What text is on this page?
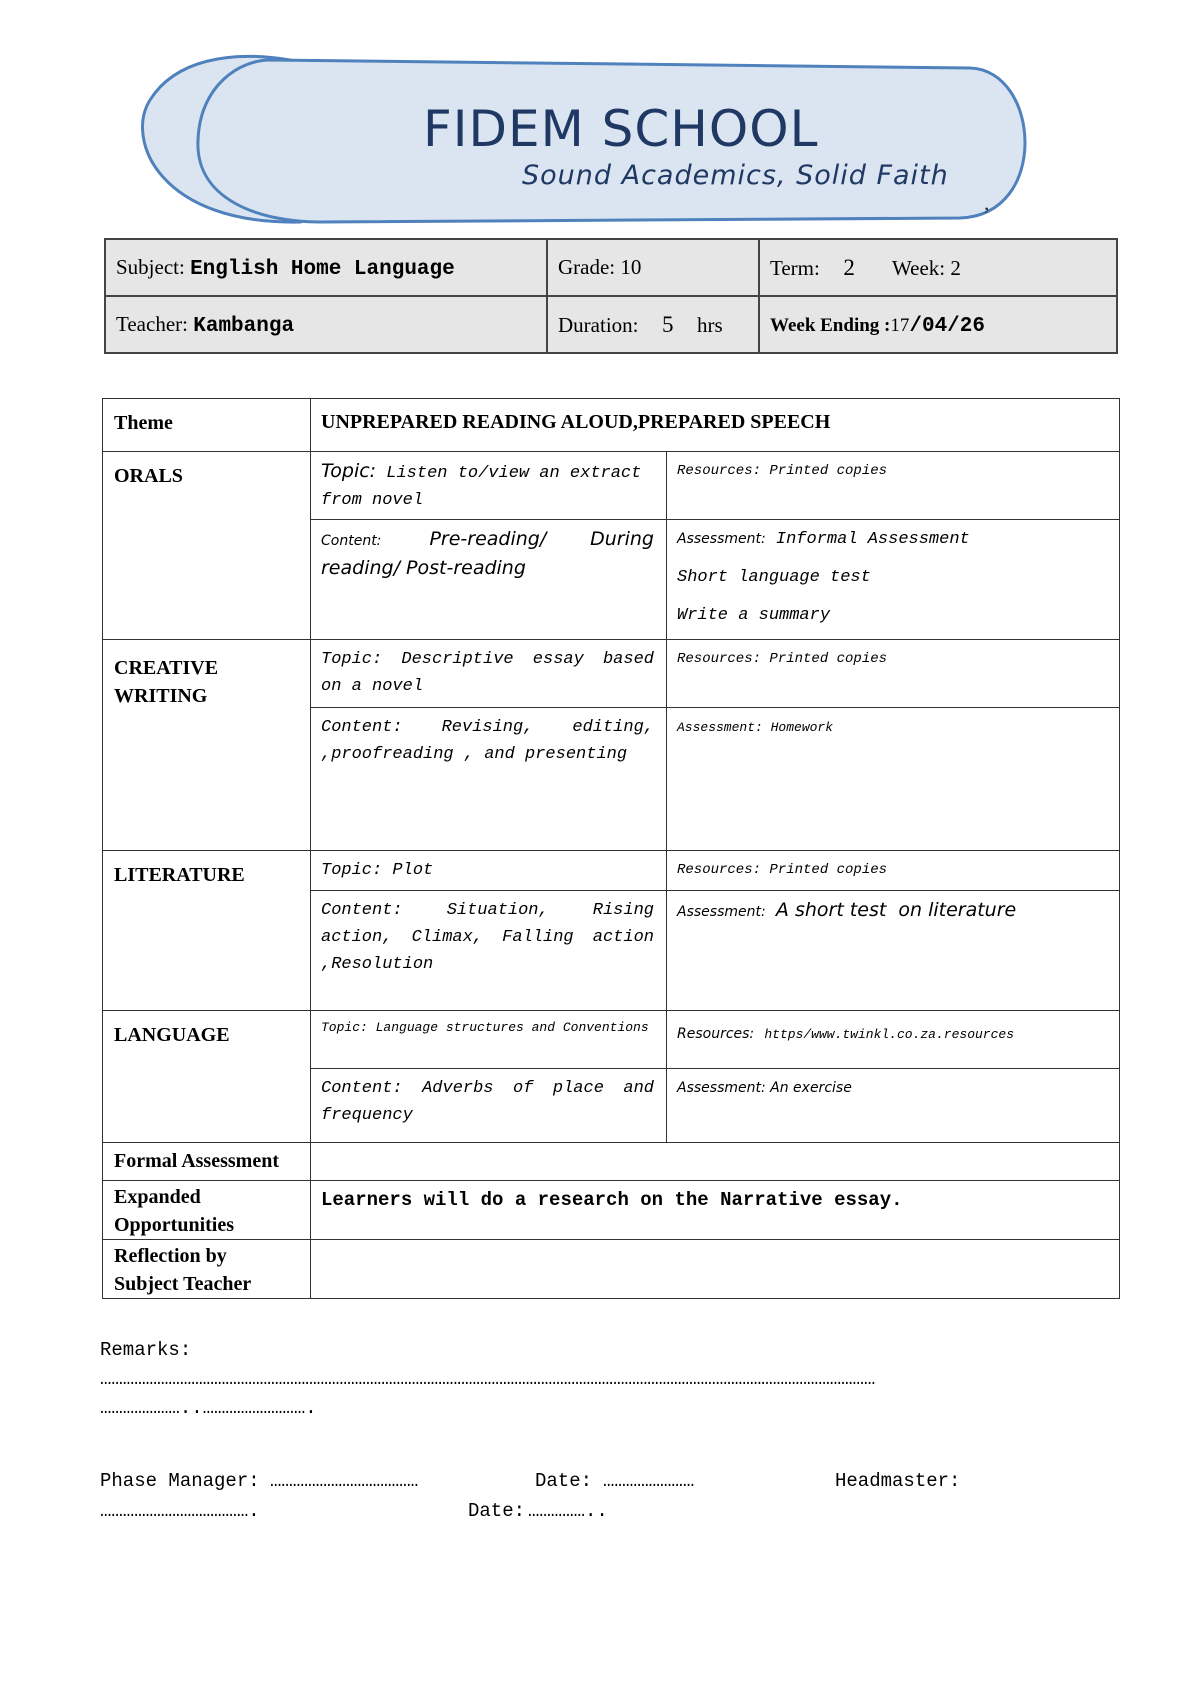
FIDEM SCHOOL
Sound Academics, Solid Faith
,
Subject: English Home Language	Grade: 10	Term: 2 Week: 2
Teacher: Kambanga	Duration: 5 hrs	Week Ending :17/04/26
Theme	UNPREPARED READING ALOUD,PREPARED SPEECH	
ORALS	Topic: Listen to/view an extract from novel	Resources: Printed copies
	Content: Pre-reading/ During reading/ Post-reading	Assessment: Informal Assessment
Short language test
Write a summary

CREATIVE
WRITING	Topic: Descriptive essay based on a novel	Resources: Printed copies
	Content: Revising, editing, ,proofreading , and presenting	Assessment: Homework
LITERATURE	Topic: Plot	Resources: Printed copies
	Content: Situation, Rising action, Climax, Falling action ,Resolution	Assessment: A short test  on literature
LANGUAGE	Topic: Language structures and Conventions	Resources: https/www.twinkl.co.za.resources
	Content: Adverbs of place and frequency	Assessment: An exercise
Formal Assessment		

Expanded
Opportunities	Learners will do a research on the Narrative essay.	

Reflection by
Subject Teacher		

Remarks:
……………………………………………………………………………………………………………………………………………………………………………………
…………………..……………………….
Phase Manager: …………………………………	Date: ……………………	Headmaster:
………………………………….	Date: ……………..
